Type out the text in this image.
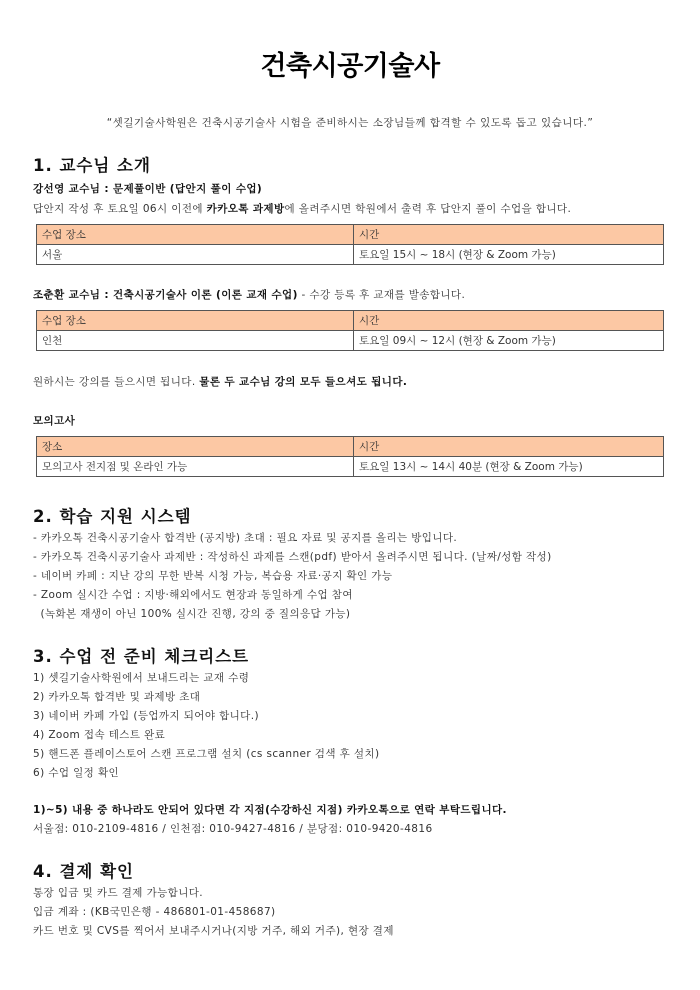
건축시공기술사
“셋길기술사학원은 건축시공기술사 시험을 준비하시는 소장님들께 합격할 수 있도록 돕고 있습니다.”
1. 교수님 소개
강선영 교수님 : 문제풀이반 (답안지 풀이 수업)
답안지 작성 후 토요일 06시 이전에 카카오톡 과제방에 올려주시면 학원에서 출력 후 답안지 풀이 수업을 합니다.
수업 장소	시간
서울	토요일 15시 ~ 18시 (현장 & Zoom 가능)
조춘환 교수님 : 건축시공기술사 이론 (이론 교재 수업) - 수강 등록 후 교재를 발송합니다.
수업 장소	시간
인천	토요일 09시 ~ 12시 (현장 & Zoom 가능)
원하시는 강의를 들으시면 됩니다. 물론 두 교수님 강의 모두 들으셔도 됩니다.
모의고사
장소	시간
모의고사 전지점 및 온라인 가능	토요일 13시 ~ 14시 40분 (현장 & Zoom 가능)
2. 학습 지원 시스템
- 카카오톡 건축시공기술사 합격반 (공지방) 초대 : 필요 자료 및 공지를 올리는 방입니다.
- 카카오톡 건축시공기술사 과제반 : 작성하신 과제를 스캔(pdf) 받아서 올려주시면 됩니다. (날짜/성함 작성)
- 네이버 카페 : 지난 강의 무한 반복 시청 가능, 복습용 자료·공지 확인 가능
- Zoom 실시간 수업 : 지방·해외에서도 현장과 동일하게 수업 참여
(녹화본 재생이 아닌 100% 실시간 진행, 강의 중 질의응답 가능)
3. 수업 전 준비 체크리스트
1) 셋길기술사학원에서 보내드리는 교재 수령
2) 카카오톡 합격반 및 과제방 초대
3) 네이버 카페 가입 (등업까지 되어야 합니다.)
4) Zoom 접속 테스트 완료
5) 핸드폰 플레이스토어 스캔 프로그램 설치 (cs scanner 검색 후 설치)
6) 수업 일정 확인
1)~5) 내용 중 하나라도 안되어 있다면 각 지점(수강하신 지점) 카카오톡으로 연락 부탁드립니다.
서울점: 010-2109-4816 / 인천점: 010-9427-4816 / 분당점: 010-9420-4816
4. 결제 확인
통장 입금 및 카드 결제 가능합니다.
입금 계좌 : (KB국민은행 - 486801-01-458687)
카드 번호 및 CVS를 찍어서 보내주시거나(지방 거주, 해외 거주), 현장 결제
